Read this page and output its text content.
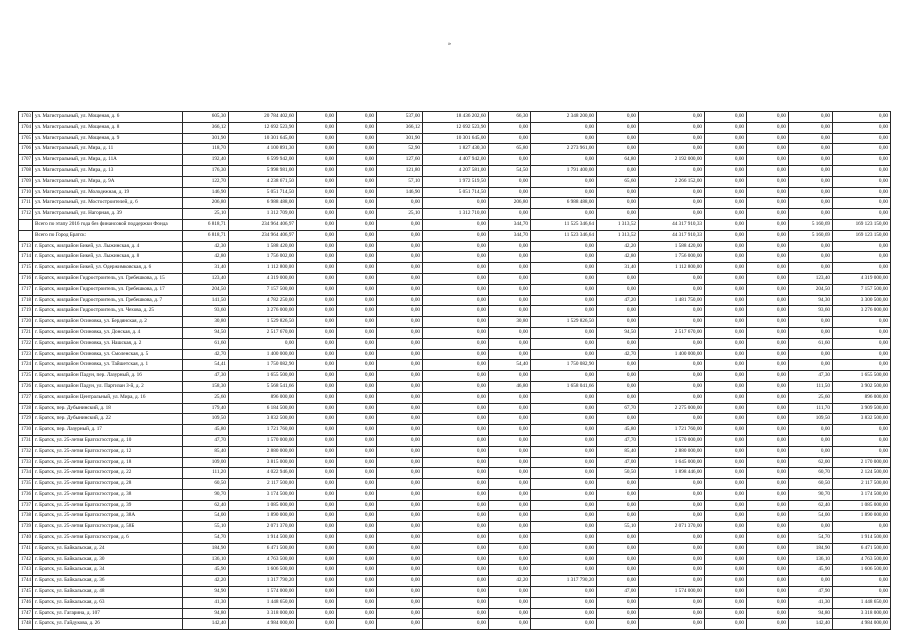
»
1703	ул. Магистральный, ул. Мощеная, д. 6	605,30	20 784 402,60	0,00	0,00	537,00	18 436 202,60	66,30	2 348 200,00	0,00	0,00	0,00	0,00	0,00	0,00
1704	ул. Магистральный, ул. Мощеная, д. 8	366,12	12 692 523,90	0,00	0,00	366,12	12 692 523,90	0,00	0,00	0,00	0,00	0,00	0,00	0,00	0,00
1705	ул. Магистральный, ул. Мощеная, д. 9	301,90	10 301 645,00	0,00	0,00	301,90	10 301 645,00	0,00	0,00	0,00	0,00	0,00	0,00	0,00	0,00
1706	ул. Магистральный, ул. Мира, д. 11	118,70	4 100 891,30	0,00	0,00	52,90	1 827 430,30	65,80	2 273 961,00	0,00	0,00	0,00	0,00	0,00	0,00
1707	ул. Магистральный, ул. Мира, д. 11А	192,40	6 599 942,00	0,00	0,00	127,60	4 407 942,00	0,00	0,00	64,80	2 192 000,00	0,00	0,00	0,00	0,00
1708	ул. Магистральный, ул. Мира, д. 13	176,30	5 998 981,00	0,00	0,00	121,80	4 207 581,00	54,50	1 791 400,00	0,00	0,00	0,00	0,00	0,00	0,00
1709	ул. Магистральный, ул. Мира, д. 9А	122,70	4 238 671,50	0,00	0,00	57,10	1 972 519,50	0,00	0,00	65,60	2 266 152,00	0,00	0,00	0,00	0,00
1710	ул. Магистральный, ул. Молодежная, д. 19	146,90	5 051 714,50	0,00	0,00	146,90	5 051 714,50	0,00	0,00	0,00	0,00	0,00	0,00	0,00	0,00
1711	ул. Магистральный, ул. Мостостроителей, д. 6	206,80	6 988 488,00	0,00	0,00	0,00	0,00	206,80	6 988 488,00	0,00	0,00	0,00	0,00	0,00	0,00
1712	ул. Магистральный, ул. Нагорная, д. 39	25,10	1 312 709,00	0,00	0,00	25,10	1 312 710,00	0,00	0,00	0,00	0,00	0,00	0,00	0,00	0,00
	Всего по этапу 2016 года без финансовой поддержки Фонда	6 818,71	234 964 406,97	0,00	0,00	0,00	0,00	344,70	11 525 346,64	1 313,52	44 317 910,33	0,00	0,00	5 160,69	169 123 150,00
	Всего по Город Братск:	6 818,71	234 964 406,97	0,00	0,00	0,00	0,00	344,70	11 523 346,64	1 313,52	44 317 910,33	0,00	0,00	5 160,69	169 123 150,00
1713	г. Братск, жилрайон Бикей, ул. Лыжинская, д. 4	42,30	1 588 420,00	0,00	0,00	0,00	0,00	0,00	0,00	42,20	1 588 420,00	0,00	0,00	0,00	0,00
1714	г. Братск, жилрайон Бикей, ул. Лыжинская, д. 8	42,80	1 756 002,00	0,00	0,00	0,00	0,00	0,00	0,00	42,80	1 756 000,00	0,00	0,00	0,00	0,00
1715	г. Братск, жилрайон Бикей, ул. Одержимковская, д. 6	31,40	1 112 800,00	0,00	0,00	0,00	0,00	0,00	0,00	31,40	1 112 800,00	0,00	0,00	0,00	0,00
1716	г. Братск, жилрайон Гидростроитель, ул. Гребешкова, д. 15	123,40	4 319 000,00	0,00	0,00	0,00	0,00	0,00	0,00	0,00	0,00	0,00	0,00	123,40	4 319 000,00
1717	г. Братск, жилрайон Гидростроитель, ул. Гребешкова, д. 17	204,50	7 157 500,00	0,00	0,00	0,00	0,00	0,00	0,00	0,00	0,00	0,00	0,00	204,50	7 157 500,00
1718	г. Братск, жилрайон Гидростроитель, ул. Гребешкова, д. 7	141,50	4 782 250,00	0,00	0,00	0,00	0,00	0,00	0,00	47,20	1 481 750,00	0,00	0,00	94,30	3 300 500,00
1719	г. Братск, жилрайон Гидростроитель, ул. Чехова, д. 25	93,60	3 276 000,00	0,00	0,00	0,00	0,00	0,00	0,00	0,00	0,00	0,00	0,00	93,60	3 276 000,00
1720	г. Братск, жилрайон Осиновка, ул. Бердянская, д. 2	30,80	1 529 826,50	0,00	0,00	0,00	0,00	30,80	1 529 826,50	0,00	0,00	0,00	0,00	0,00	0,00
1721	г. Братск, жилрайон Осиновка, ул. Донская, д. 4	94,50	2 517 670,00	0,00	0,00	0,00	0,00	0,00	0,00	94,50	2 517 670,00	0,00	0,00	0,00	0,00
1722	г. Братск, жилрайон Осиновка, ул. Нашская, д. 2	61,60	0,00	0,00	0,00	0,00	0,00	0,00	0,00	0,00	0,00	0,00	0,00	61,60	0,00
1723	г. Братск, жилрайон Осиновка, ул. Смоленская, д. 5	42,70	1 400 000,00	0,00	0,00	0,00	0,00	0,00	0,00	42,70	1 400 000,00	0,00	0,00	0,00	0,00
1724	г. Братск, жилрайон Осиновка, ул. Тайшетская, д. 1	54,41	1 750 082,90	0,00	0,00	0,00	0,00	54,40	1 750 082,90	0,00	0,00	0,00	0,00	0,00	0,00
1725	г. Братск, жилрайон Падун, пер. Лазурный, д. 16	47,30	1 655 500,00	0,00	0,00	0,00	0,00	0,00	0,00	0,00	0,00	0,00	0,00	47,30	1 655 500,00
1726	г. Братск, жилрайон Падун, ул. Партизан З-й, д. 2	158,30	5 568 541,66	0,00	0,00	0,00	0,00	46,80	1 658 041,66	0,00	0,00	0,00	0,00	111,50	3 902 500,00
1727	г. Братск, жилрайон Центральный, ул. Мира, д. 16	25,60	896 000,00	0,00	0,00	0,00	0,00	0,00	0,00	0,00	0,00	0,00	0,00	25,60	896 000,00
1728	г. Братск, пер. Дубынинский, д. 18	179,40	6 184 500,00	0,00	0,00	0,00	0,00	0,00	0,00	67,70	2 275 000,00	0,00	0,00	111,70	3 909 500,00
1729	г. Братск, пер. Дубынинский, д. 22	109,50	3 832 500,00	0,00	0,00	0,00	0,00	0,00	0,00	0,00	0,00	0,00	0,00	109,50	3 832 500,00
1730	г. Братск, пер. Лазурный, д. 17	45,80	1 721 760,00	0,00	0,00	0,00	0,00	0,00	0,00	45,80	1 721 760,00	0,00	0,00	0,00	0,00
1731	г. Братск, ул. 25-летия Братскгэсстроя, д. 10	47,70	1 570 000,00	0,00	0,00	0,00	0,00	0,00	0,00	47,70	1 570 000,00	0,00	0,00	0,00	0,00
1732	г. Братск, ул. 25-летия Братскгэсстроя, д. 12	85,40	2 880 000,00	0,00	0,00	0,00	0,00	0,00	0,00	85,40	2 880 000,00	0,00	0,00	0,00	0,00
1733	г. Братск, ул. 25-летия Братскгэсстроя, д. 18	109,00	3 815 000,00	0,00	0,00	0,00	0,00	0,00	0,00	47,00	1 645 000,00	0,00	0,00	62,00	2 170 000,00
1734	г. Братск, ул. 25-летия Братскгэсстроя, д. 22	111,20	4 022 946,00	0,00	0,00	0,00	0,00	0,00	0,00	50,50	1 898 446,00	0,00	0,00	60,70	2 124 500,00
1735	г. Братск, ул. 25-летия Братскгэсстроя, д. 28	60,50	2 117 500,00	0,00	0,00	0,00	0,00	0,00	0,00	0,00	0,00	0,00	0,00	60,50	2 117 500,00
1736	г. Братск, ул. 25-летия Братскгэсстроя, д. 38	90,70	3 174 500,00	0,00	0,00	0,00	0,00	0,00	0,00	0,00	0,00	0,00	0,00	90,70	3 174 500,00
1737	г. Братск, ул. 25-летия Братскгэсстроя, д. 39	62,40	1 085 000,00	0,00	0,00	0,00	0,00	0,00	0,00	0,00	0,00	0,00	0,00	62,40	1 085 000,00
1738	г. Братск, ул. 25-летия Братскгэсстроя, д. 38А	54,00	1 890 000,00	0,00	0,00	0,00	0,00	0,00	0,00	0,00	0,00	0,00	0,00	54,00	1 890 000,00
1739	г. Братск, ул. 25-летия Братскгэсстроя, д. 58Б	55,10	2 071 370,00	0,00	0,00	0,00	0,00	0,00	0,00	55,10	2 071 370,00	0,00	0,00	0,00	0,00
1740	г. Братск, ул. 25-летия Братскгэсстроя, д. 6	54,70	1 914 500,00	0,00	0,00	0,00	0,00	0,00	0,00	0,00	0,00	0,00	0,00	54,70	1 914 500,00
1741	г. Братск, ул. Байкальская, д. 24	184,90	6 471 500,00	0,00	0,00	0,00	0,00	0,00	0,00	0,00	0,00	0,00	0,00	184,90	6 471 500,00
1742	г. Братск, ул. Байкальская, д. 30	136,10	4 763 500,00	0,00	0,00	0,00	0,00	0,00	0,00	0,00	0,00	0,00	0,00	136,10	4 763 500,00
1743	г. Братск, ул. Байкальская, д. 34	45,90	1 606 500,00	0,00	0,00	0,00	0,00	0,00	0,00	0,00	0,00	0,00	0,00	45,90	1 606 500,00
1744	г. Братск, ул. Байкальская, д. 36	42,20	1 317 790,20	0,00	0,00	0,00	0,00	42,20	1 317 790,20	0,00	0,00	0,00	0,00	0,00	0,00
1745	г. Братск, ул. Байкальская, д. 48	94,90	1 574 000,00	0,00	0,00	0,00	0,00	0,00	0,00	47,00	1 574 000,00	0,00	0,00	47,90	0,00
1746	г. Братск, ул. Байкальская, д. 63	41,30	1 448 650,00	0,00	0,00	0,00	0,00	0,00	0,00	0,00	0,00	0,00	0,00	41,30	1 448 650,00
1747	г. Братск, ул. Гагарина, д. 107	94,80	3 318 000,00	0,00	0,00	0,00	0,00	0,00	0,00	0,00	0,00	0,00	0,00	94,80	3 318 000,00
1748	г. Братск, ул. Гайдукова, д. 26	142,40	4 984 000,00	0,00	0,00	0,00	0,00	0,00	0,00	0,00	0,00	0,00	0,00	142,40	4 984 000,00
